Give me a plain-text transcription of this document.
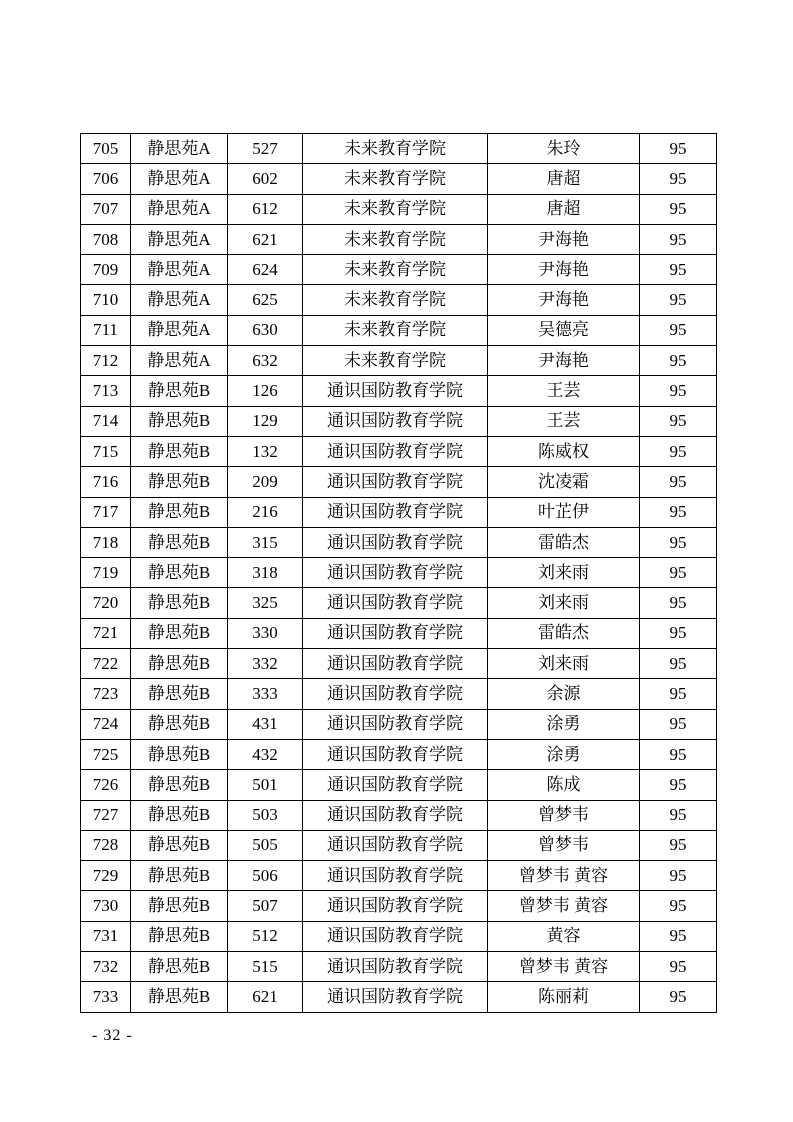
705	静思苑A	527	未来教育学院	朱玲	95
706	静思苑A	602	未来教育学院	唐超	95
707	静思苑A	612	未来教育学院	唐超	95
708	静思苑A	621	未来教育学院	尹海艳	95
709	静思苑A	624	未来教育学院	尹海艳	95
710	静思苑A	625	未来教育学院	尹海艳	95
711	静思苑A	630	未来教育学院	吴德亮	95
712	静思苑A	632	未来教育学院	尹海艳	95
713	静思苑B	126	通识国防教育学院	王芸	95
714	静思苑B	129	通识国防教育学院	王芸	95
715	静思苑B	132	通识国防教育学院	陈威权	95
716	静思苑B	209	通识国防教育学院	沈凌霜	95
717	静思苑B	216	通识国防教育学院	叶芷伊	95
718	静思苑B	315	通识国防教育学院	雷皓杰	95
719	静思苑B	318	通识国防教育学院	刘来雨	95
720	静思苑B	325	通识国防教育学院	刘来雨	95
721	静思苑B	330	通识国防教育学院	雷皓杰	95
722	静思苑B	332	通识国防教育学院	刘来雨	95
723	静思苑B	333	通识国防教育学院	余源	95
724	静思苑B	431	通识国防教育学院	涂勇	95
725	静思苑B	432	通识国防教育学院	涂勇	95
726	静思苑B	501	通识国防教育学院	陈成	95
727	静思苑B	503	通识国防教育学院	曾梦韦	95
728	静思苑B	505	通识国防教育学院	曾梦韦	95
729	静思苑B	506	通识国防教育学院	曾梦韦 黄容	95
730	静思苑B	507	通识国防教育学院	曾梦韦 黄容	95
731	静思苑B	512	通识国防教育学院	黄容	95
732	静思苑B	515	通识国防教育学院	曾梦韦 黄容	95
733	静思苑B	621	通识国防教育学院	陈丽莉	95
- 32 -
